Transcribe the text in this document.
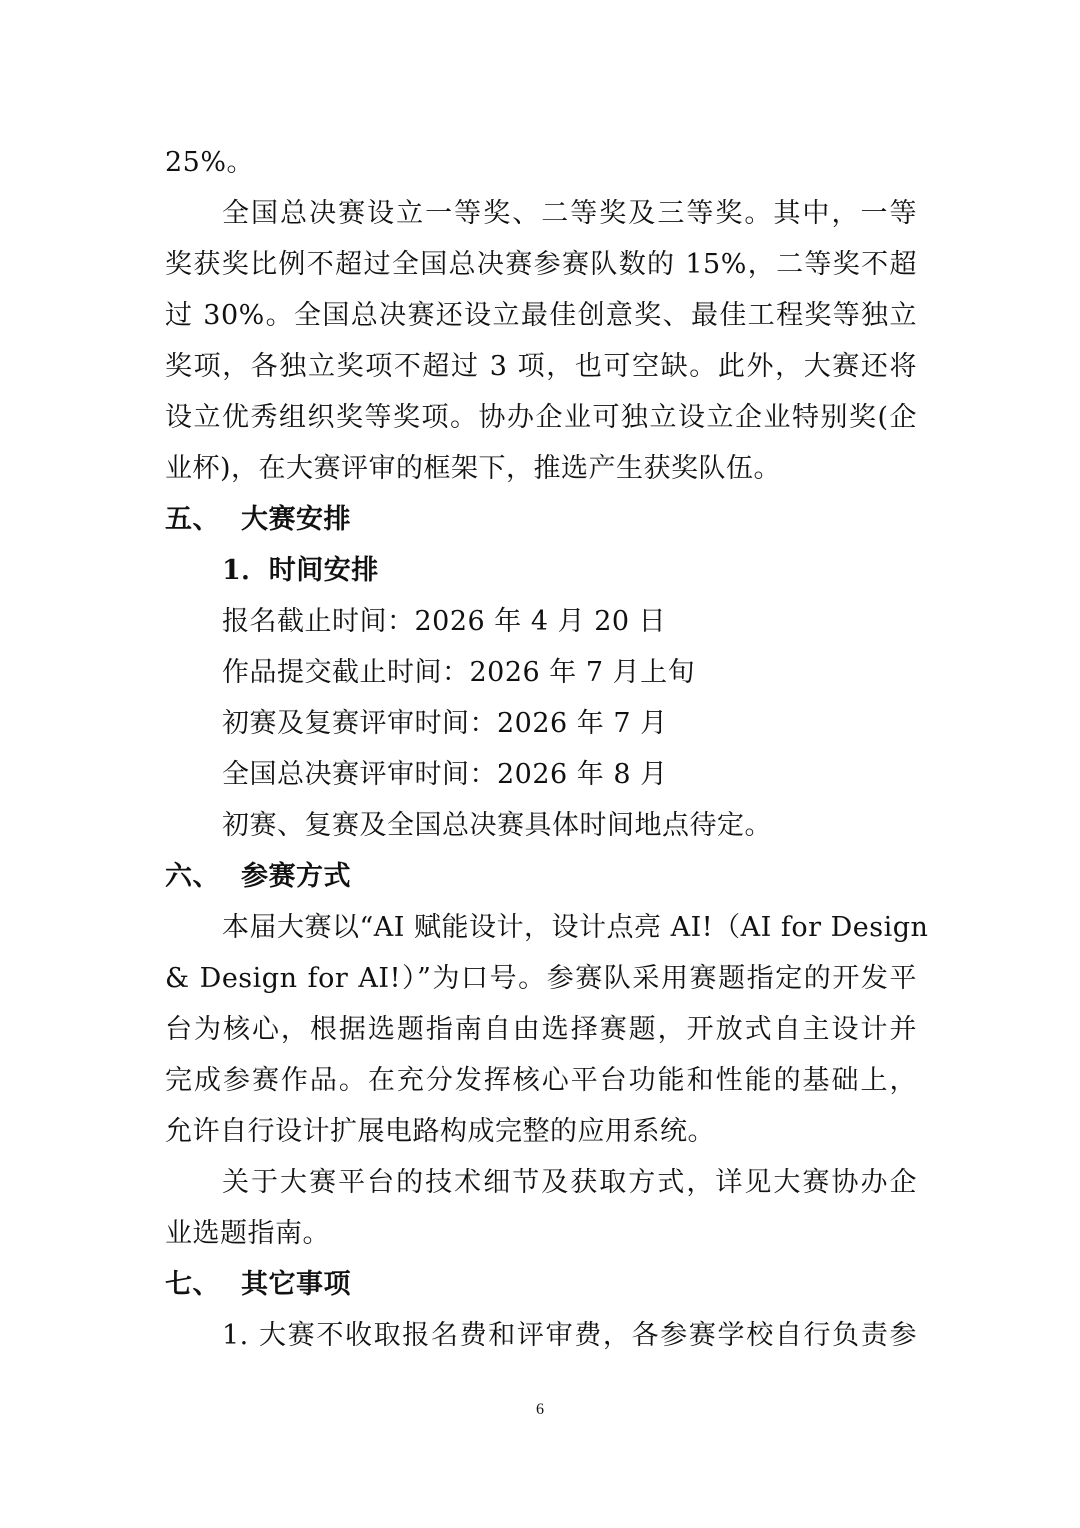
25%。
全国总决赛设立一等奖、二等奖及三等奖。其中，一等
奖获奖比例不超过全国总决赛参赛队数的 15%，二等奖不超
过 30%。全国总决赛还设立最佳创意奖、最佳工程奖等独立
奖项，各独立奖项不超过 3 项，也可空缺。此外，大赛还将
设立优秀组织奖等奖项。协办企业可独立设立企业特别奖(企
业杯)，在大赛评审的框架下，推选产生获奖队伍。
五、 大赛安排
1．时间安排
报名截止时间：2026 年 4 月 20 日
作品提交截止时间：2026 年 7 月上旬
初赛及复赛评审时间：2026 年 7 月
全国总决赛评审时间：2026 年 8 月
初赛、复赛及全国总决赛具体时间地点待定。
六、 参赛方式
本届大赛以“AI 赋能设计，设计点亮 AI!（AI for Design
& Design for AI!）”为口号。参赛队采用赛题指定的开发平
台为核心，根据选题指南自由选择赛题，开放式自主设计并
完成参赛作品。在充分发挥核心平台功能和性能的基础上，
允许自行设计扩展电路构成完整的应用系统。
关于大赛平台的技术细节及获取方式，详见大赛协办企
业选题指南。
七、 其它事项
1. 大赛不收取报名费和评审费，各参赛学校自行负责参
6
